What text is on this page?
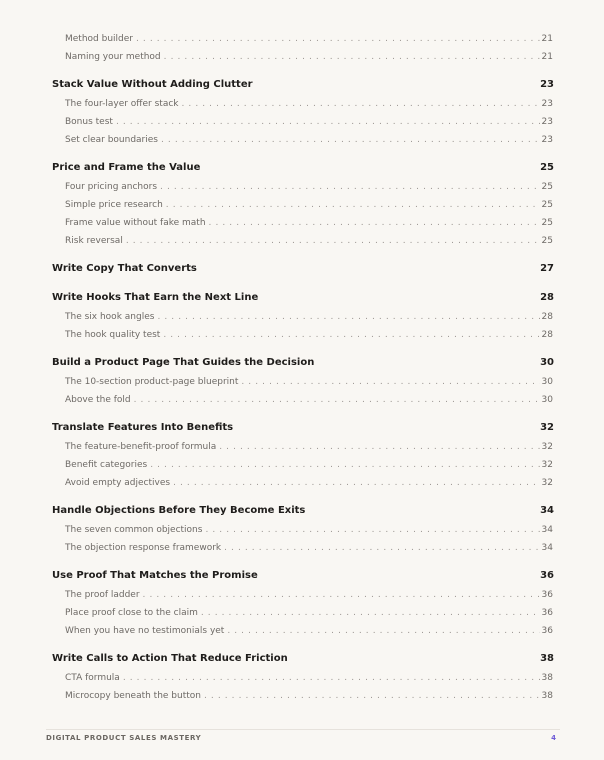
Method builder . . .	21
Naming your method . . .	21
Stack Value Without Adding Clutter	23
The four-layer offer stack . . .	23
Bonus test . . .	23
Set clear boundaries . . .	23
Price and Frame the Value	25
Four pricing anchors . . .	25
Simple price research . . .	25
Frame value without fake math . . .	25
Risk reversal . . .	25
Write Copy That Converts	27
Write Hooks That Earn the Next Line	28
The six hook angles . . .	28
The hook quality test . . .	28
Build a Product Page That Guides the Decision	30
The 10-section product-page blueprint . . .	30
Above the fold . . .	30
Translate Features Into Benefits	32
The feature-benefit-proof formula . . .	32
Benefit categories . . .	32
Avoid empty adjectives . . .	32
Handle Objections Before They Become Exits	34
The seven common objections . . .	34
The objection response framework . . .	34
Use Proof That Matches the Promise	36
The proof ladder . . .	36
Place proof close to the claim . . .	36
When you have no testimonials yet . . .	36
Write Calls to Action That Reduce Friction	38
CTA formula . . .	38
Microcopy beneath the button . . .	38
DIGITAL PRODUCT SALES MASTERY	4
